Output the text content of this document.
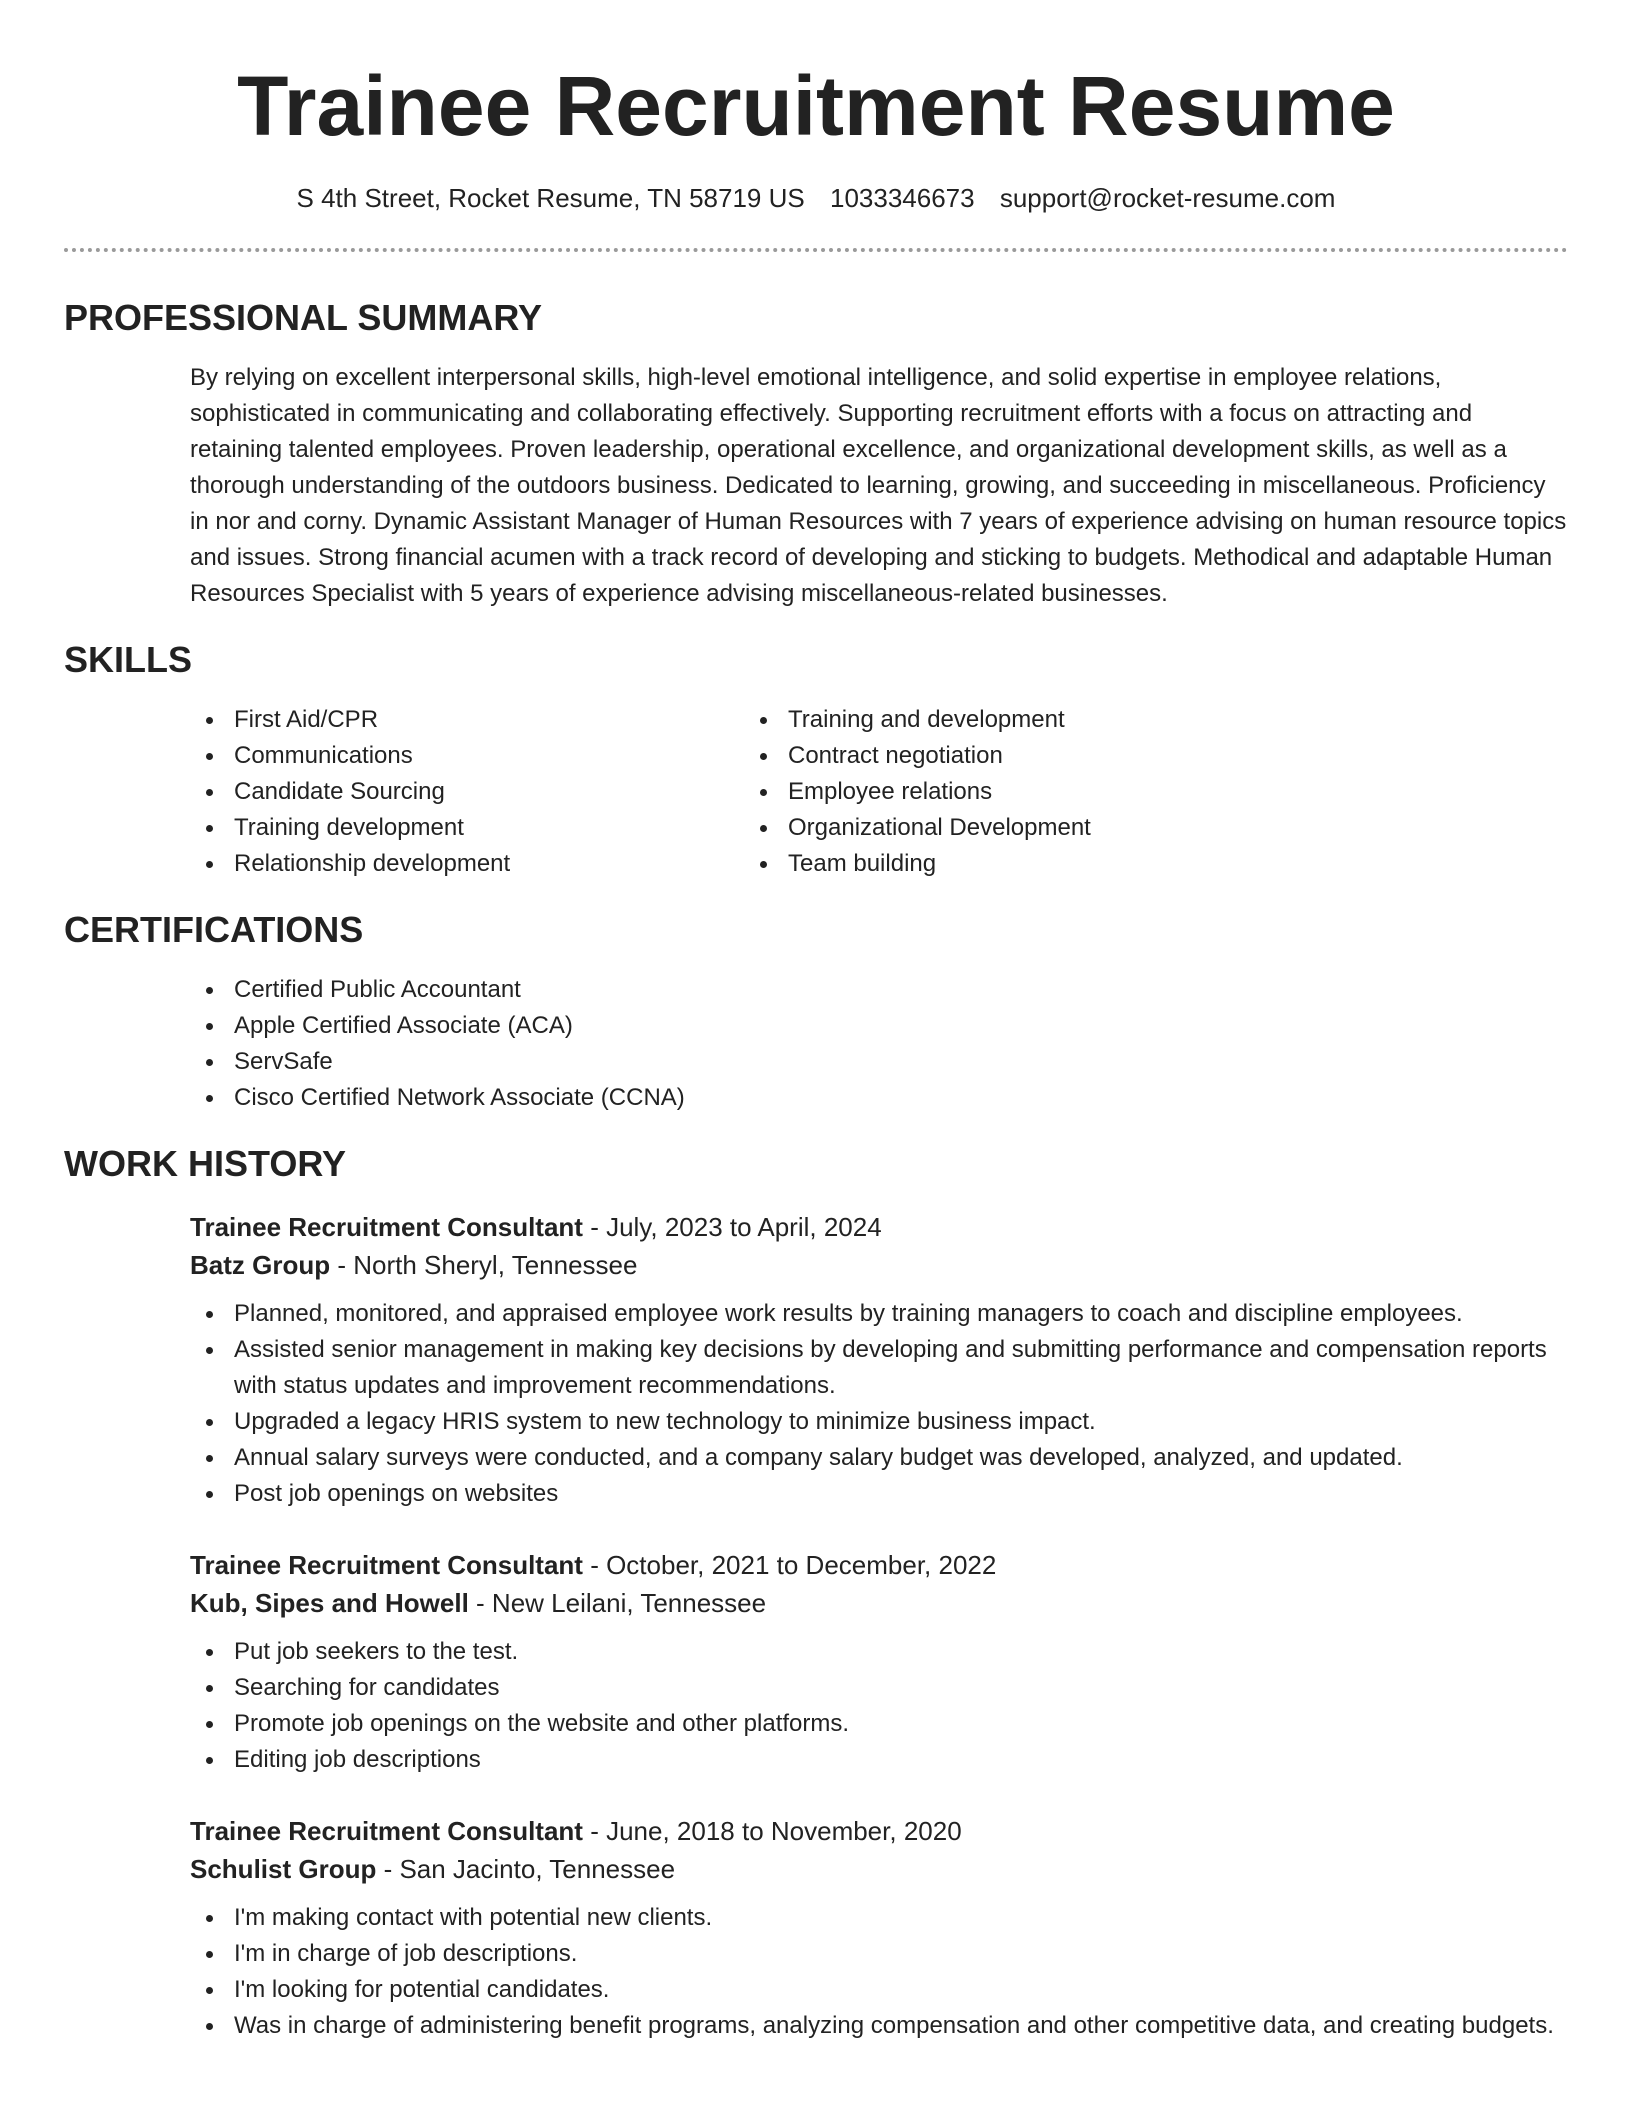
Trainee Recruitment Resume
S 4th Street, Rocket Resume, TN 58719 US 1033346673 support@rocket-resume.com
PROFESSIONAL SUMMARY

By relying on excellent interpersonal skills, high-level emotional intelligence, and solid expertise in employee relations, sophisticated in communicating and collaborating effectively. Supporting recruitment efforts with a focus on attracting and retaining talented employees. Proven leadership, operational excellence, and organizational development skills, as well as a thorough understanding of the outdoors business. Dedicated to learning, growing, and succeeding in miscellaneous. Proficiency in nor and corny. Dynamic Assistant Manager of Human Resources with 7 years of experience advising on human resource topics and issues. Strong financial acumen with a track record of developing and sticking to budgets. Methodical and adaptable Human Resources Specialist with 5 years of experience advising miscellaneous-related businesses.

SKILLS
First Aid/CPR
Communications
Candidate Sourcing
Training development
Relationship development
Training and development
Contract negotiation
Employee relations
Organizational Development
Team building
CERTIFICATIONS
Certified Public Accountant
Apple Certified Associate (ACA)
ServSafe
Cisco Certified Network Associate (CCNA)
WORK HISTORY
Trainee Recruitment Consultant - July, 2023 to April, 2024
Batz Group - North Sheryl, Tennessee
Planned, monitored, and appraised employee work results by training managers to coach and discipline employees.
Assisted senior management in making key decisions by developing and submitting performance and compensation reports with status updates and improvement recommendations.
Upgraded a legacy HRIS system to new technology to minimize business impact.
Annual salary surveys were conducted, and a company salary budget was developed, analyzed, and updated.
Post job openings on websites
Trainee Recruitment Consultant - October, 2021 to December, 2022
Kub, Sipes and Howell - New Leilani, Tennessee
Put job seekers to the test.
Searching for candidates
Promote job openings on the website and other platforms.
Editing job descriptions
Trainee Recruitment Consultant - June, 2018 to November, 2020
Schulist Group - San Jacinto, Tennessee
I'm making contact with potential new clients.
I'm in charge of job descriptions.
I'm looking for potential candidates.
Was in charge of administering benefit programs, analyzing compensation and other competitive data, and creating budgets.
